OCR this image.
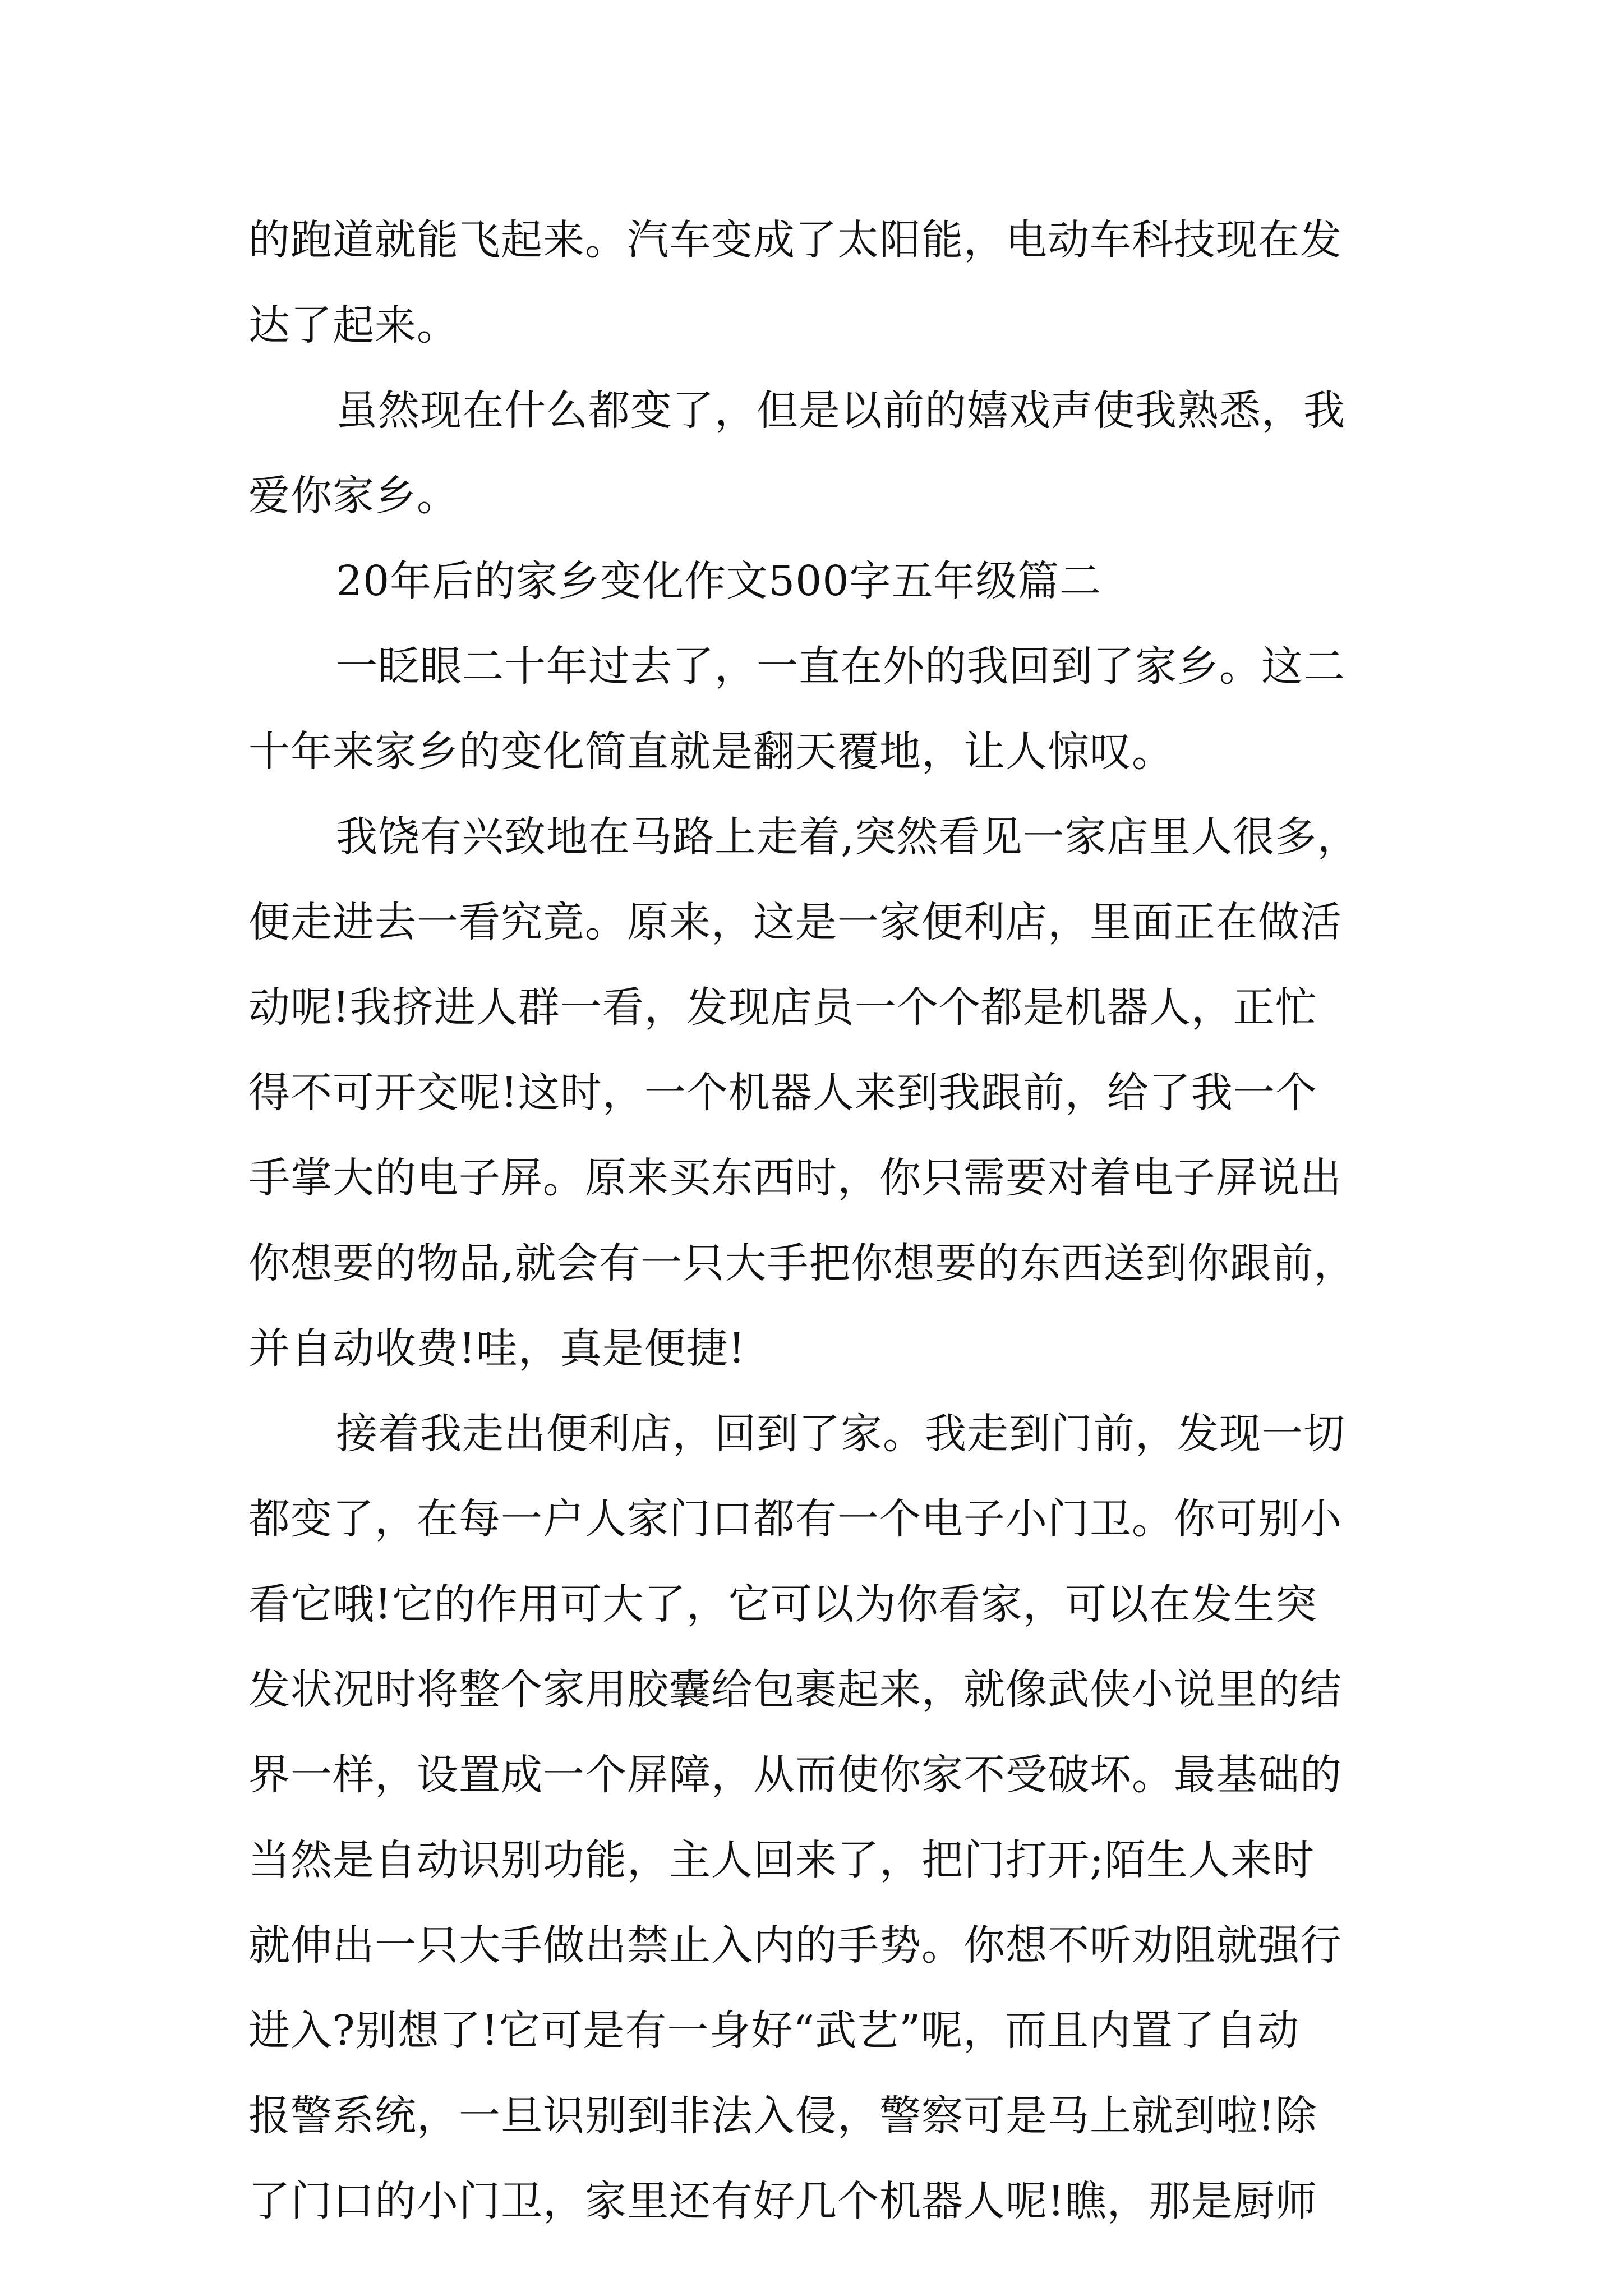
的跑道就能飞起来。汽车变成了太阳能，电动车科技现在发
达了起来。
虽然现在什么都变了，但是以前的嬉戏声使我熟悉，我
爱你家乡。
20年后的家乡变化作文500字五年级篇二
一眨眼二十年过去了，一直在外的我回到了家乡。这二
十年来家乡的变化简直就是翻天覆地，让人惊叹。
我饶有兴致地在马路上走着,突然看见一家店里人很多，
便走进去一看究竟。原来，这是一家便利店，里面正在做活
动呢!我挤进人群一看，发现店员一个个都是机器人，正忙
得不可开交呢!这时，一个机器人来到我跟前，给了我一个
手掌大的电子屏。原来买东西时，你只需要对着电子屏说出
你想要的物品,就会有一只大手把你想要的东西送到你跟前，
并自动收费!哇，真是便捷!
接着我走出便利店，回到了家。我走到门前，发现一切
都变了，在每一户人家门口都有一个电子小门卫。你可别小
看它哦!它的作用可大了，它可以为你看家，可以在发生突
发状况时将整个家用胶囊给包裹起来，就像武侠小说里的结
界一样，设置成一个屏障，从而使你家不受破坏。最基础的
当然是自动识别功能，主人回来了，把门打开;陌生人来时
就伸出一只大手做出禁止入内的手势。你想不听劝阻就强行
进入?别想了!它可是有一身好“武艺”呢，而且内置了自动
报警系统，一旦识别到非法入侵，警察可是马上就到啦!除
了门口的小门卫，家里还有好几个机器人呢!瞧，那是厨师
